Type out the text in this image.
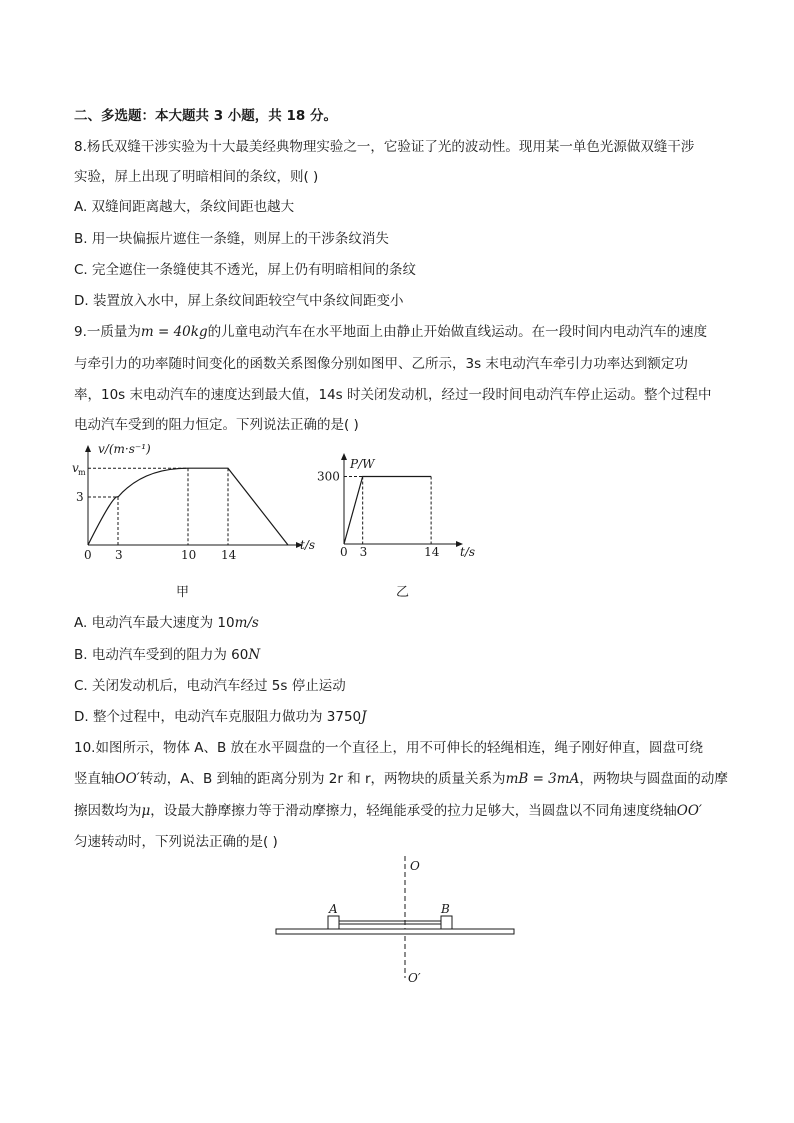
二、多选题：本大题共 3 小题，共 18 分。
8.杨氏双缝干涉实验为十大最美经典物理实验之一，它验证了光的波动性。现用某一单色光源做双缝干涉
实验，屏上出现了明暗相间的条纹，则( )
A. 双缝间距离越大，条纹间距也越大
B. 用一块偏振片遮住一条缝，则屏上的干涉条纹消失
C. 完全遮住一条缝使其不透光，屏上仍有明暗相间的条纹
D. 装置放入水中，屏上条纹间距较空气中条纹间距变小
9.一质量为m = 40kg的儿童电动汽车在水平地面上由静止开始做直线运动。在一段时间内电动汽车的速度
与牵引力的功率随时间变化的函数关系图像分别如图甲、乙所示，3s 末电动汽车牵引力功率达到额定功
率，10s 末电动汽车的速度达到最大值，14s 时关闭发动机，经过一段时间电动汽车停止运动。整个过程中
电动汽车受到的阻力恒定。下列说法正确的是( )
0 3	10 14
3
v m
v/(m·s⁻¹)
t/s 0 3	14
300
P/W
t/s
甲	乙
A. 电动汽车最大速度为 10m/s
B. 电动汽车受到的阻力为 60N
C. 关闭发动机后，电动汽车经过 5s 停止运动
D. 整个过程中，电动汽车克服阻力做功为 3750J
10.如图所示，物体 A、B 放在水平圆盘的一个直径上，用不可伸长的轻绳相连，绳子刚好伸直，圆盘可绕
竖直轴OO′转动，A、B 到轴的距离分别为 2r 和 r，两物块的质量关系为mB = 3mA，两物块与圆盘面的动摩
擦因数均为μ，设最大静摩擦力等于滑动摩擦力，轻绳能承受的拉力足够大，当圆盘以不同角速度绕轴OO′
匀速转动时，下列说法正确的是( )
O
O′
A	B
